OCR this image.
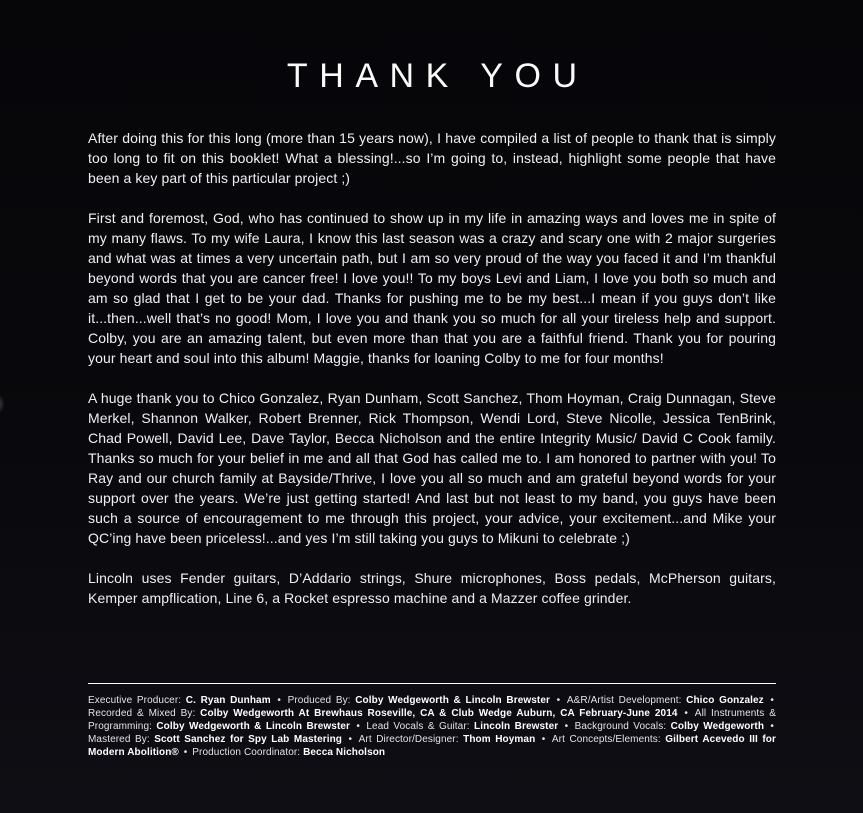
THANK YOU

After doing this for this long (more than 15 years now), I have compiled a list of people to thank that is simply too long to fit on this booklet! What a blessing!...so I’m going to, instead, highlight some people that have been a key part of this particular project ;)

First and foremost, God, who has continued to show up in my life in amazing ways and loves me in spite of my many flaws. To my wife Laura, I know this last season was a crazy and scary one with 2 major surgeries and what was at times a very uncertain path, but I am so very proud of the way you faced it and I’m thankful beyond words that you are cancer free! I love you!! To my boys Levi and Liam, I love you both so much and am so glad that I get to be your dad. Thanks for pushing me to be my best...I mean if you guys don’t like it...then...well that’s no good! Mom, I love you and thank you so much for all your tireless help and support. Colby, you are an amazing talent, but even more than that you are a faithful friend. Thank you for pouring your heart and soul into this album! Maggie, thanks for loaning Colby to me for four months!

A huge thank you to Chico Gonzalez, Ryan Dunham, Scott Sanchez, Thom Hoyman, Craig Dunnagan, Steve Merkel, Shannon Walker, Robert Brenner, Rick Thompson, Wendi Lord, Steve Nicolle, Jessica TenBrink, Chad Powell, David Lee, Dave Taylor, Becca Nicholson and the entire Integrity Music/ David C Cook family. Thanks so much for your belief in me and all that God has called me to. I am honored to partner with you! To Ray and our church family at Bayside/Thrive, I love you all so much and am grateful beyond words for your support over the years. We’re just getting started! And last but not least to my band, you guys have been such a source of encouragement to me through this project, your advice, your excitement...and Mike your QC’ing have been priceless!...and yes I’m still taking you guys to Mikuni to celebrate ;)

Lincoln uses Fender guitars, D’Addario strings, Shure microphones, Boss pedals, McPherson guitars, Kemper ampflication, Line 6, a Rocket espresso machine and a Mazzer coffee grinder.

Executive Producer: C. Ryan Dunham • Produced By: Colby Wedgeworth & Lincoln Brewster • A&R/Artist Development: Chico Gonzalez • Recorded & Mixed By: Colby Wedgeworth At Brewhaus Roseville, CA & Club Wedge Auburn, CA February-June 2014 • All Instruments & Programming: Colby Wedgeworth & Lincoln Brewster • Lead Vocals & Guitar: Lincoln Brewster • Background Vocals: Colby Wedgeworth • Mastered By: Scott Sanchez for Spy Lab Mastering • Art Director/Designer: Thom Hoyman • Art Concepts/Elements: Gilbert Acevedo III for Modern Abolition® • Production Coordinator: Becca Nicholson
